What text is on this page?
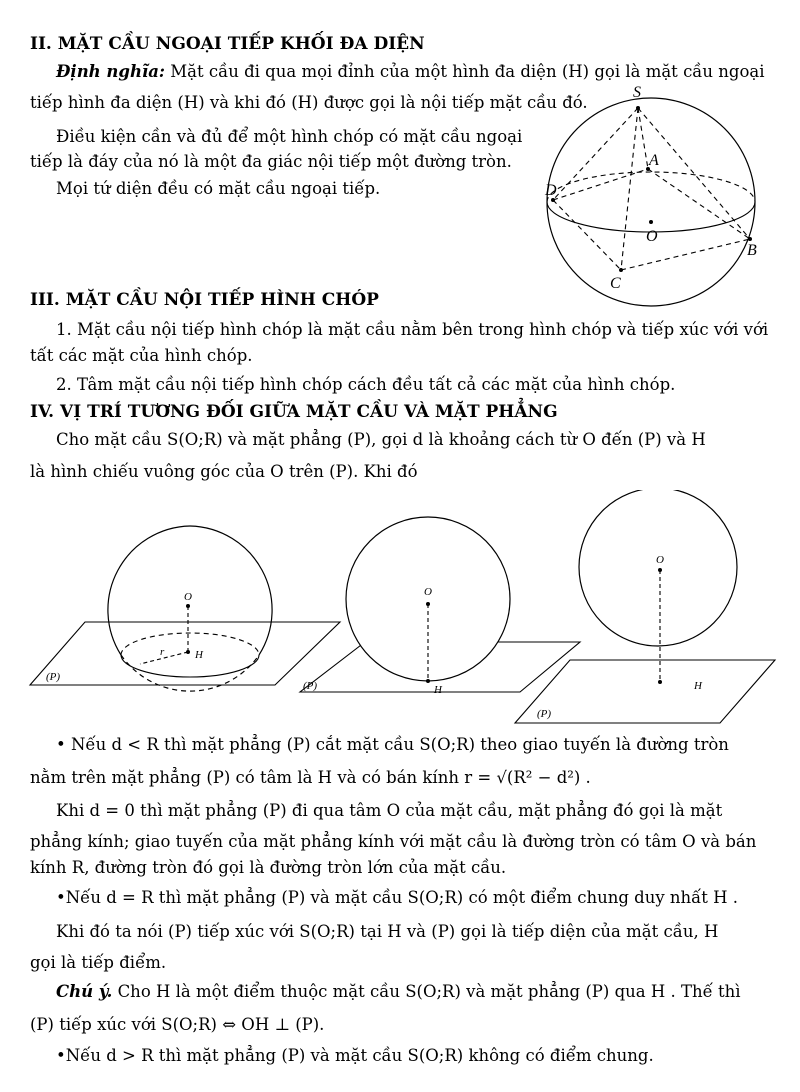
II. MẶT CẦU NGOẠI TIẾP KHỐI ĐA DIỆN
Định nghĩa: Mặt cầu đi qua mọi đỉnh của một hình đa diện (H) gọi là mặt cầu ngoại
tiếp hình đa diện (H) và khi đó (H) được gọi là nội tiếp mặt cầu đó.
Điều kiện cần và đủ để một hình chóp có mặt cầu ngoại
tiếp là đáy của nó là một đa giác nội tiếp một đường tròn.
Mọi tứ diện đều có mặt cầu ngoại tiếp.
S
A
D
O
B
C
III. MẶT CẦU NỘI TIẾP HÌNH CHÓP
1. Mặt cầu nội tiếp hình chóp là mặt cầu nằm bên trong hình chóp và tiếp xúc với với
tất các mặt của hình chóp.
2. Tâm mặt cầu nội tiếp hình chóp cách đều tất cả các mặt của hình chóp.
IV. VỊ TRÍ TƯƠNG ĐỐI GIỮA MẶT CẦU VÀ MẶT PHẲNG
Cho mặt cầu S(O;R) và mặt phẳng (P), gọi d là khoảng cách từ O đến (P) và H
là hình chiếu vuông góc của O trên (P). Khi đó
O
r	H
(P)
O
H
(P)
O
H
(P)
• Nếu d < R thì mặt phẳng (P) cắt mặt cầu S(O;R) theo giao tuyến là đường tròn
nằm trên mặt phẳng (P) có tâm là H và có bán kính r = √(R² − d²) .
Khi d = 0 thì mặt phẳng (P) đi qua tâm O của mặt cầu, mặt phẳng đó gọi là mặt
phẳng kính; giao tuyến của mặt phẳng kính với mặt cầu là đường tròn có tâm O và bán
kính R, đường tròn đó gọi là đường tròn lớn của mặt cầu.
•Nếu d = R thì mặt phẳng (P) và mặt cầu S(O;R) có một điểm chung duy nhất H .
Khi đó ta nói (P) tiếp xúc với S(O;R) tại H và (P) gọi là tiếp diện của mặt cầu, H
gọi là tiếp điểm.
Chú ý. Cho H là một điểm thuộc mặt cầu S(O;R) và mặt phẳng (P) qua H . Thế thì
(P) tiếp xúc với S(O;R) ⇔ OH ⊥ (P).
•Nếu d > R thì mặt phẳng (P) và mặt cầu S(O;R) không có điểm chung.
